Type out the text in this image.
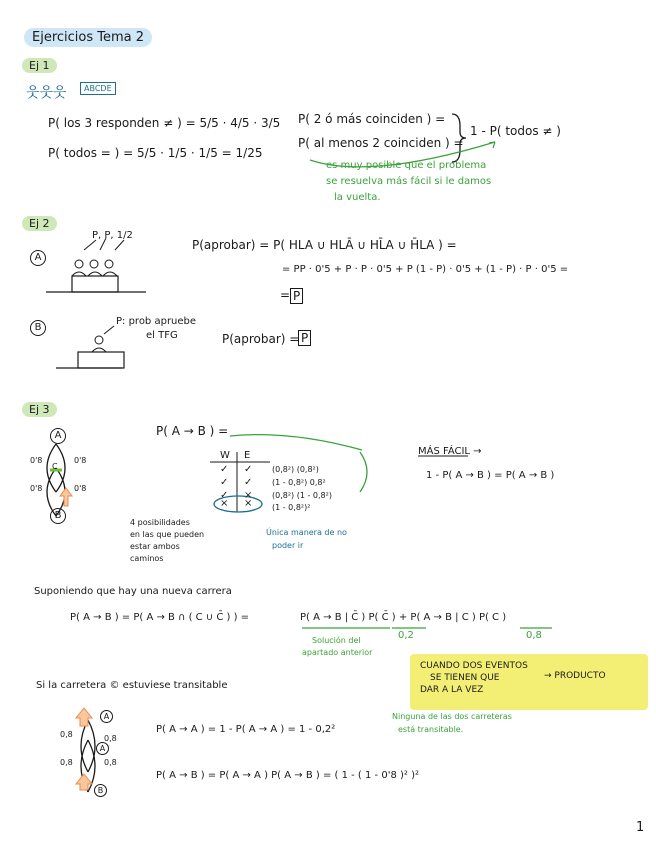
Ejercicios Tema 2
Ej 1
웃웃웃	ABCDE
P( los 3 responden ≠ ) = 5/5 · 4/5 · 3/5
P( todos = ) = 5/5 · 1/5 · 1/5 = 1/25
P( 2 ó más coinciden ) =
P( al menos 2 coinciden ) =
1 - P( todos ≠ )
es muy posible que el problema
se resuelva más fácil si le damos
la vuelta.
Ej 2
A
P, P, 1/2
P(aprobar) = P( HLA ∪ HLĀ ∪ HL̄A ∪ H̄LA ) =
= PP · 0'5 + P · P · 0'5 + P (1 - P) · 0'5 + (1 - P) · P · 0'5 =
= P
B
P: prob apruebe
el TFG	P(aprobar) = P
Ej 3
A
B
C
0'8	0'8
0'8	0'8
P( A → B ) =
W E
✓ ✓ (0,8²) (0,8²)
✓ ✓ (1 - 0,8²) 0,8²
✓ × (0,8²) (1 - 0,8²)
× × (1 - 0,8²)²
4 posibilidades
en las que pueden
estar ambos
caminos
Única manera de no
poder ir
MÁS FÁCIL →
1 - P( A → B ) = P( A → B )
Suponiendo que hay una nueva carrera
P( A → B ) = P( A → B ∩ ( C ∪ C̄ ) ) =	P( A → B | C̄ ) P( C̄ ) + P( A → B | C ) P( C )
0,2	0,8
Solución del
apartado anterior
CUANDO DOS EVENTOS
SE TIENEN QUE
DAR A LA VEZ
→ PRODUCTO
Si la carretera © estuviese transitable
P( A → A ) = 1 - P( A → A ) = 1 - 0,2²
Ninguna de las dos carreteras
está transitable.
P( A → B ) = P( A → A ) P( A → B ) = ( 1 - ( 1 - 0'8 )² )²
0,8	0,8
0,8	0,8
A
A
B
1
